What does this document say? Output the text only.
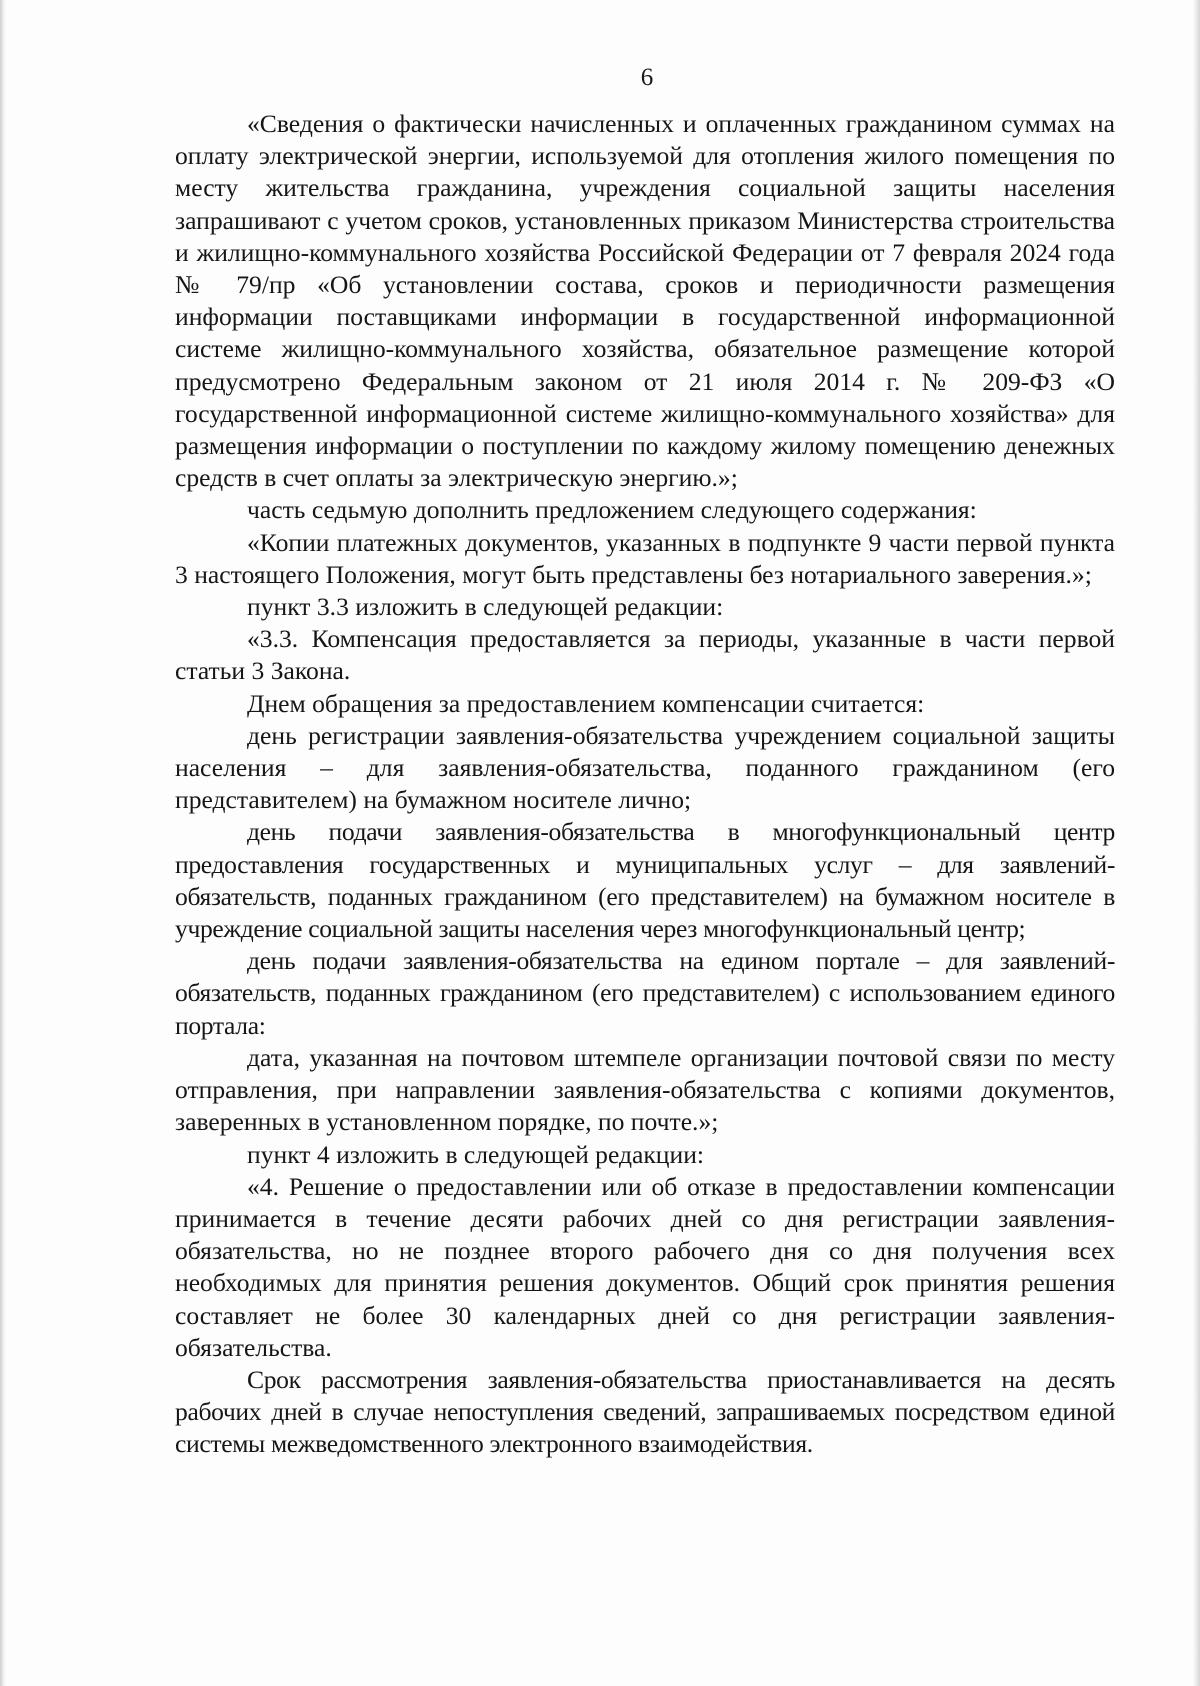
6

«Сведения о фактически начисленных и оплаченных гражданином суммах на оплату электрической энергии, используемой для отопления жилого помещения по месту жительства гражданина, учреждения социальной защиты населения запрашивают с учетом сроков, установленных приказом Министерства строительства и жилищно-коммунального хозяйства Российской Федерации от 7 февраля 2024 года № 79/пр «Об установлении состава, сроков и периодичности размещения информации поставщиками информации в государственной информационной системе жилищно-коммунального хозяйства, обязательное размещение которой предусмотрено Федеральным законом от 21 июля 2014 г. № 209-ФЗ «О государственной информационной системе жилищно-коммунального хозяйства» для размещения информации о поступлении по каждому жилому помещению денежных средств в счет оплаты за электрическую энергию.»;

часть седьмую дополнить предложением следующего содержания:

«Копии платежных документов, указанных в подпункте 9 части первой пункта 3 настоящего Положения, могут быть представлены без нотариального заверения.»;

пункт 3.3 изложить в следующей редакции:

«3.3. Компенсация предоставляется за периоды, указанные в части первой статьи 3 Закона.

Днем обращения за предоставлением компенсации считается:

день регистрации заявления-обязательства учреждением социальной защиты населения – для заявления-обязательства, поданного гражданином (его представителем) на бумажном носителе лично;

день подачи заявления-обязательства в многофункциональный центр предоставления государственных и муниципальных услуг – для заявлений-обязательств, поданных гражданином (его представителем) на бумажном носителе в учреждение социальной защиты населения через многофункциональный центр;

день подачи заявления-обязательства на едином портале – для заявлений-обязательств, поданных гражданином (его представителем) с использованием единого портала:

дата, указанная на почтовом штемпеле организации почтовой связи по месту отправления, при направлении заявления-обязательства с копиями документов, заверенных в установленном порядке, по почте.»;

пункт 4 изложить в следующей редакции:

«4. Решение о предоставлении или об отказе в предоставлении компенсации принимается в течение десяти рабочих дней со дня регистрации заявления-обязательства, но не позднее второго рабочего дня со дня получения всех необходимых для принятия решения документов. Общий срок принятия решения составляет не более 30 календарных дней со дня регистрации заявления-обязательства.

Срок рассмотрения заявления-обязательства приостанавливается на десять рабочих дней в случае непоступления сведений, запрашиваемых посредством единой системы межведомственного электронного взаимодействия.
